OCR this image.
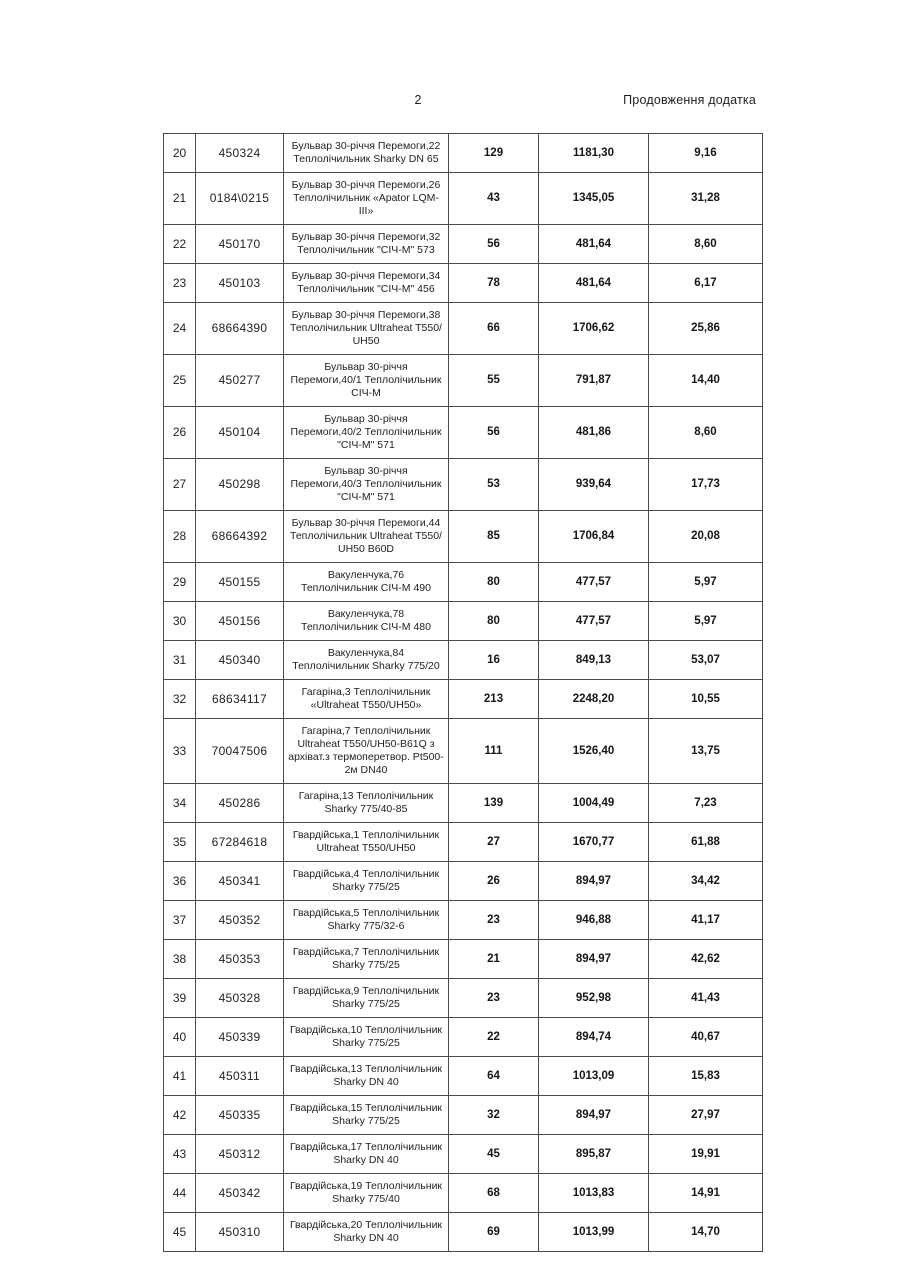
2	Продовження додатка
20	450324	Бульвар 30-річчя Перемоги,22 Теплолічильник Sharky DN 65	129	1181,30	9,16
21	0184\0215	Бульвар 30-річчя Перемоги,26 Теплолічильник «Apator LQM-III»	43	1345,05	31,28
22	450170	Бульвар 30-річчя Перемоги,32 Теплолічильник "СІЧ-М" 573	56	481,64	8,60
23	450103	Бульвар 30-річчя Перемоги,34 Теплолічильник "СІЧ-М" 456	78	481,64	6,17
24	68664390	Бульвар 30-річчя Перемоги,38 Теплолічильник Ultraheat T550/ UH50	66	1706,62	25,86
25	450277	Бульвар 30-річчя Перемоги,40/1 Теплолічильник СІЧ-М	55	791,87	14,40
26	450104	Бульвар 30-річчя Перемоги,40/2 Теплолічильник "СІЧ-М" 571	56	481,86	8,60
27	450298	Бульвар 30-річчя Перемоги,40/3 Теплолічильник "СІЧ-М" 571	53	939,64	17,73
28	68664392	Бульвар 30-річчя Перемоги,44 Теплолічильник Ultraheat T550/ UH50 B60D	85	1706,84	20,08
29	450155	Вакуленчука,76 Теплолічильник СІЧ-М 490	80	477,57	5,97
30	450156	Вакуленчука,78 Теплолічильник СІЧ-М 480	80	477,57	5,97
31	450340	Вакуленчука,84 Теплолічильник Sharky 775/20	16	849,13	53,07
32	68634117	Гагаріна,3 Теплолічильник «Ultraheat T550/UH50»	213	2248,20	10,55
33	70047506	Гагаріна,7 Теплолічильник Ultraheat T550/UH50-B61Q з архіват.з термоперетвор. Pt500- 2м DN40	111	1526,40	13,75
34	450286	Гагаріна,13 Теплолічильник Sharky 775/40-85	139	1004,49	7,23
35	67284618	Гвардійська,1 Теплолічильник Ultraheat T550/UH50	27	1670,77	61,88
36	450341	Гвардійська,4 Теплолічильник Sharky 775/25	26	894,97	34,42
37	450352	Гвардійська,5 Теплолічильник Sharky 775/32-6	23	946,88	41,17
38	450353	Гвардійська,7 Теплолічильник Sharky 775/25	21	894,97	42,62
39	450328	Гвардійська,9 Теплолічильник Sharky 775/25	23	952,98	41,43
40	450339	Гвардійська,10 Теплолічильник Sharky 775/25	22	894,74	40,67
41	450311	Гвардійська,13 Теплолічильник Sharky DN 40	64	1013,09	15,83
42	450335	Гвардійська,15 Теплолічильник Sharky 775/25	32	894,97	27,97
43	450312	Гвардійська,17 Теплолічильник Sharky DN 40	45	895,87	19,91
44	450342	Гвардійська,19 Теплолічильник Sharky 775/40	68	1013,83	14,91
45	450310	Гвардійська,20 Теплолічильник Sharky DN 40	69	1013,99	14,70
